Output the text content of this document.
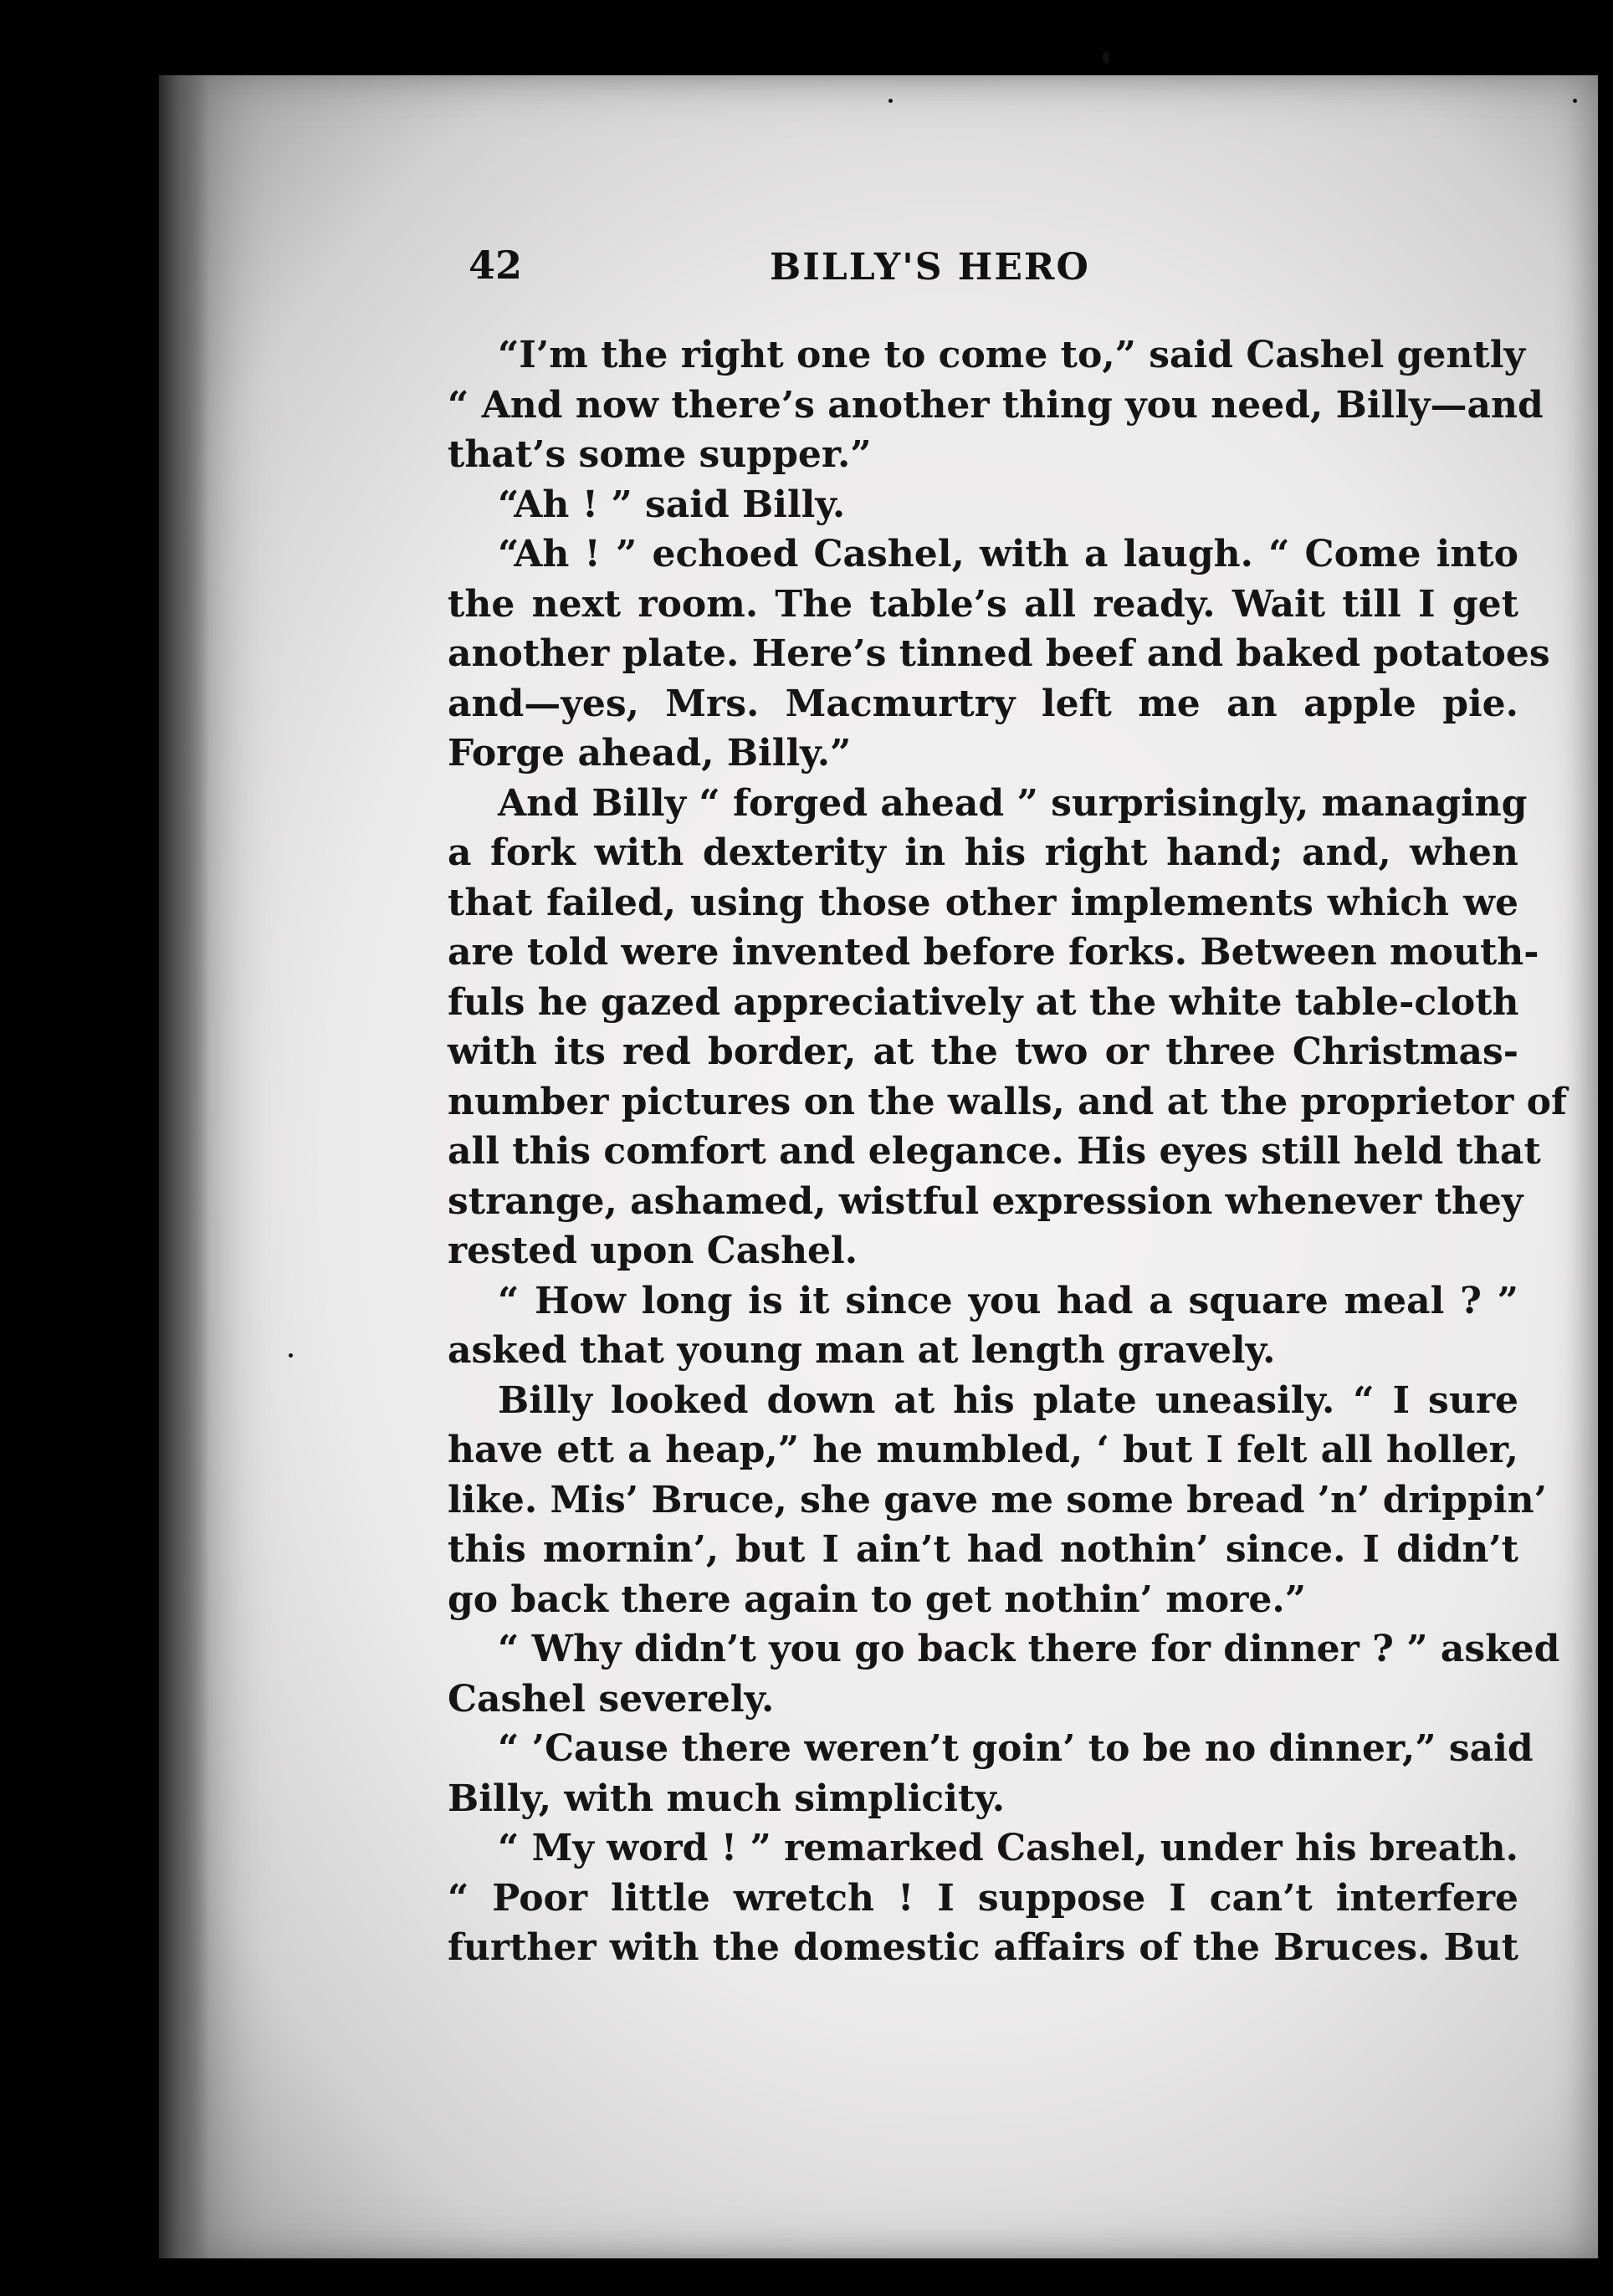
42	BILLY'S HERO
“I’m the right one to come to,” said Cashel gently
“ And now there’s another thing you need, Billy—and
that’s some supper.”
“Ah ! ” said Billy.
“Ah ! ” echoed Cashel, with a laugh. “ Come into
the next room. The table’s all ready. Wait till I get
another plate. Here’s tinned beef and baked potatoes
and—yes, Mrs. Macmurtry left me an apple pie.
Forge ahead, Billy.”
And Billy “ forged ahead ” surprisingly, managing
a fork with dexterity in his right hand; and, when
that failed, using those other implements which we
are told were invented before forks. Between mouth-
fuls he gazed appreciatively at the white table-cloth
with its red border, at the two or three Christmas-
number pictures on the walls, and at the proprietor of
all this comfort and elegance. His eyes still held that
strange, ashamed, wistful expression whenever they
rested upon Cashel.
“ How long is it since you had a square meal ? ”
asked that young man at length gravely.
Billy looked down at his plate uneasily. “ I sure
have ett a heap,” he mumbled, ‘ but I felt all holler,
like. Mis’ Bruce, she gave me some bread ’n’ drippin’
this mornin’, but I ain’t had nothin’ since. I didn’t
go back there again to get nothin’ more.”
“ Why didn’t you go back there for dinner ? ” asked
Cashel severely.
“ ’Cause there weren’t goin’ to be no dinner,” said
Billy, with much simplicity.
“ My word ! ” remarked Cashel, under his breath.
“ Poor little wretch ! I suppose I can’t interfere
further with the domestic affairs of the Bruces. But
